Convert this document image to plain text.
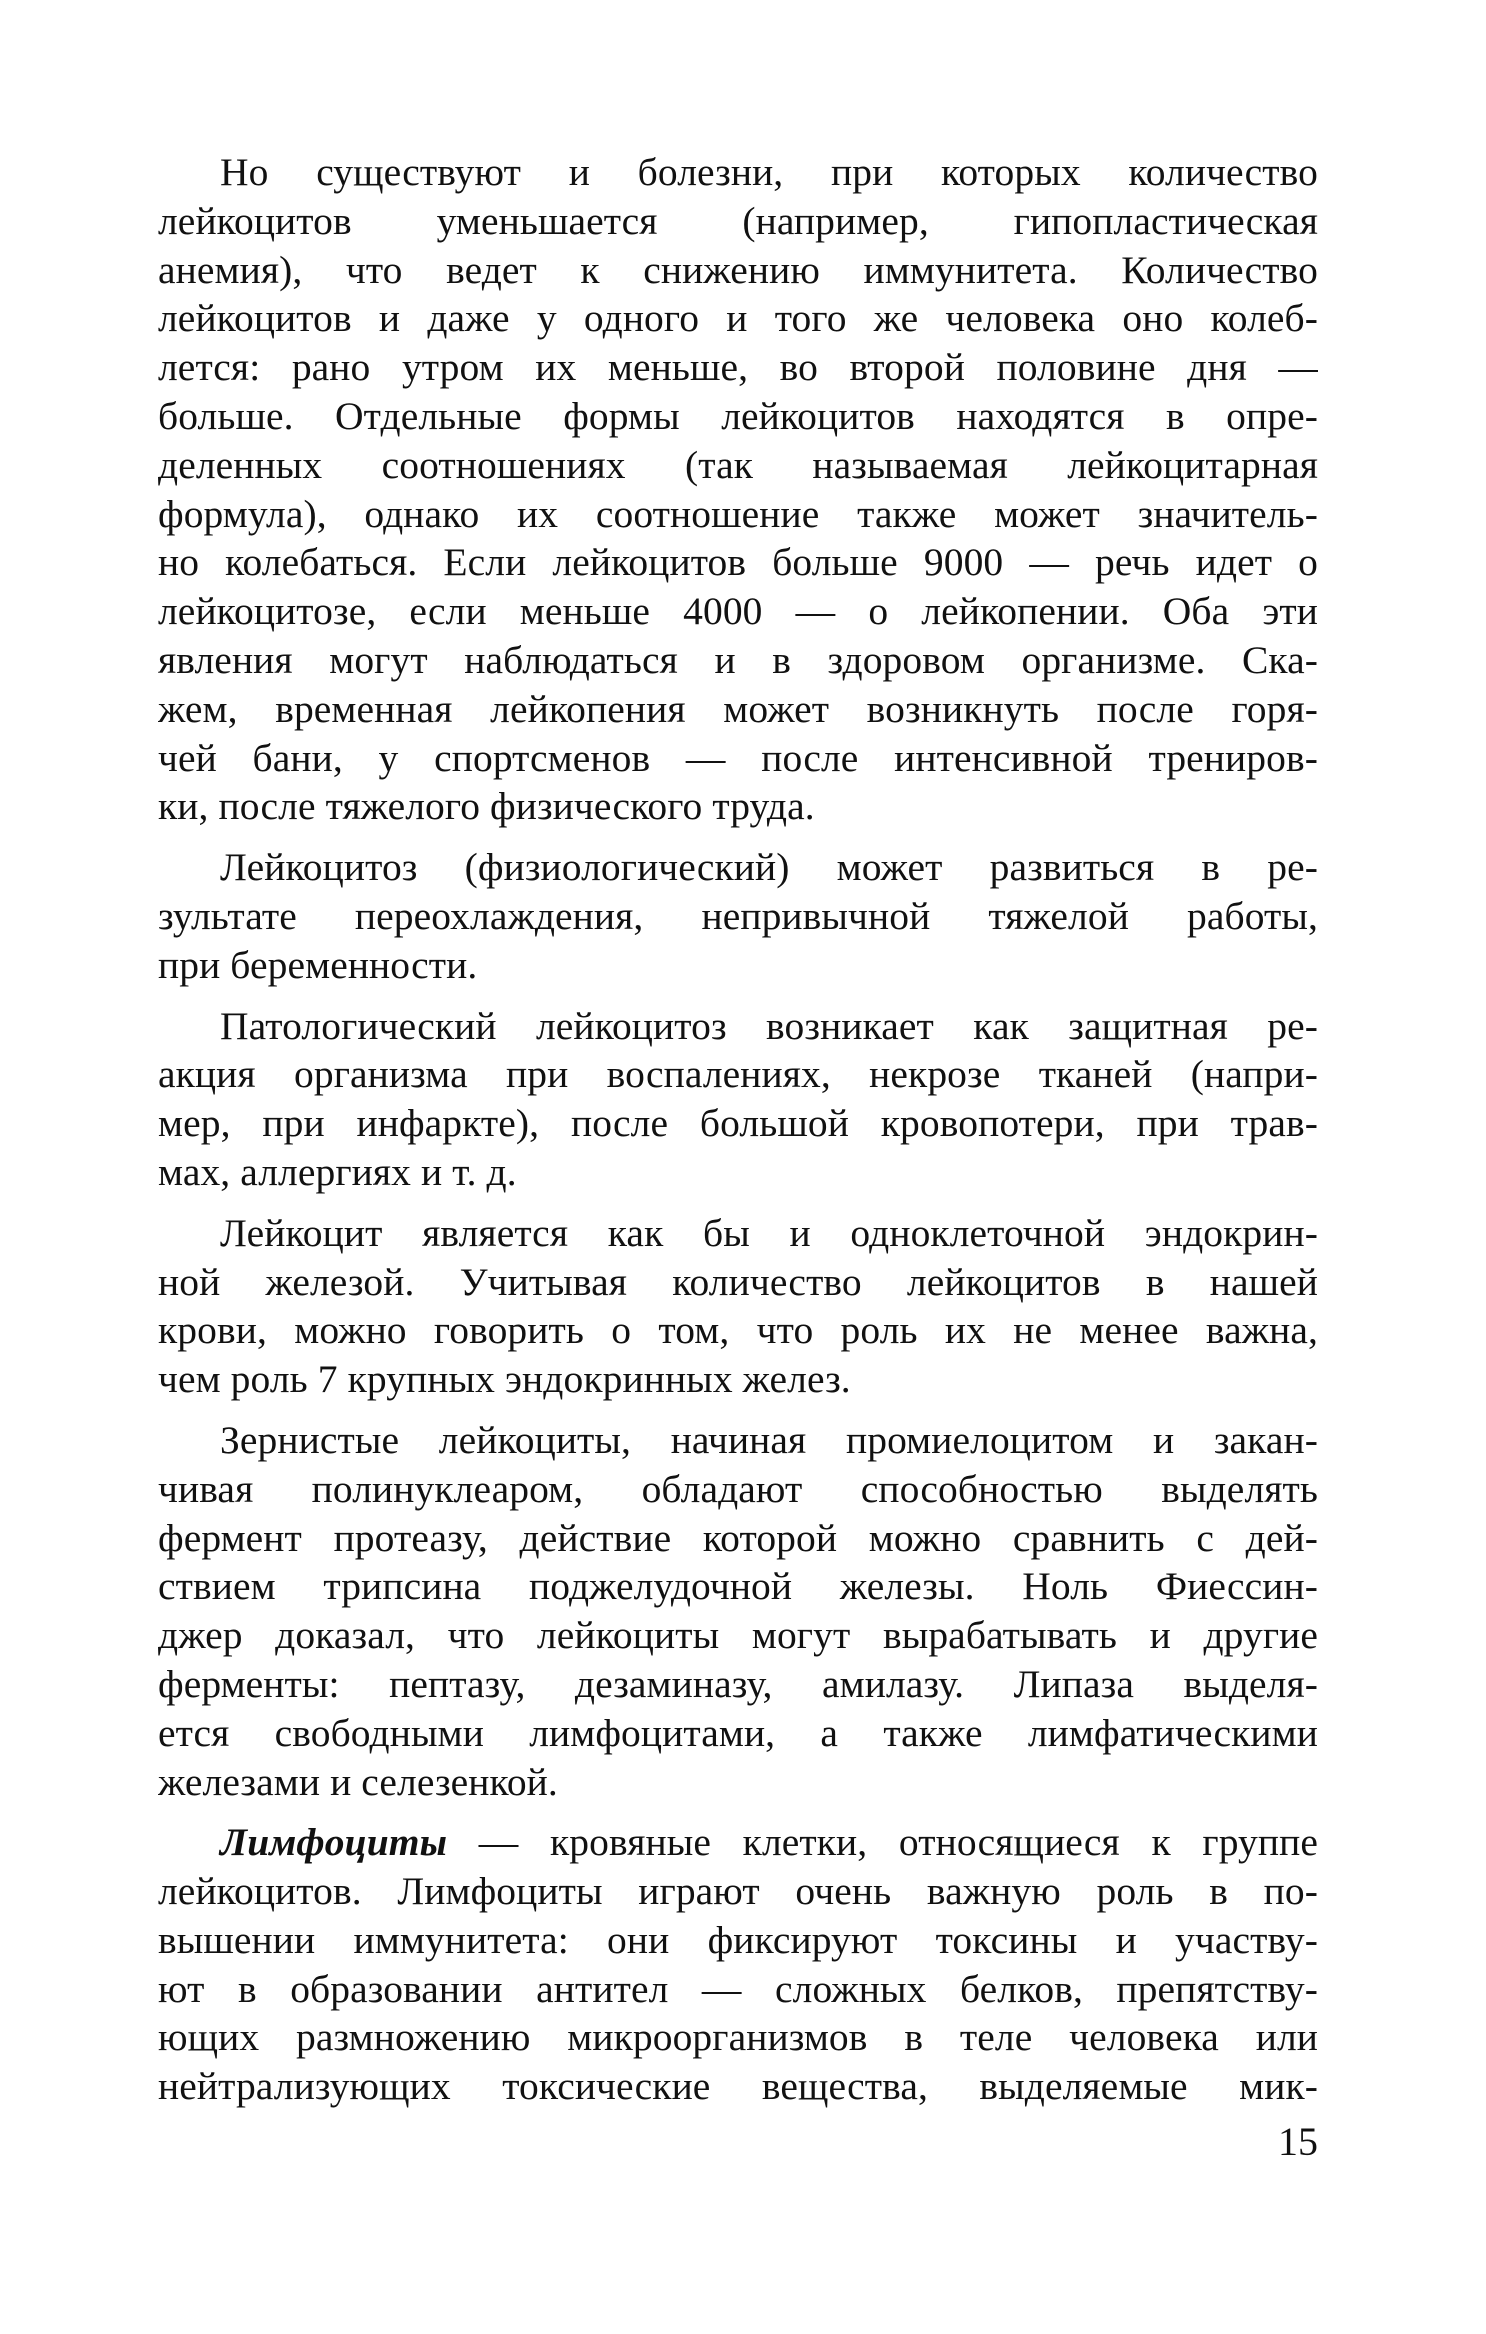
Но существуют и болезни, при которых количество
лейкоцитов уменьшается (например, гипопластическая
анемия), что ведет к снижению иммунитета. Количество
лейкоцитов и даже у одного и того же человека оно колеб-
лется: рано утром их меньше, во второй половине дня —
больше. Отдельные формы лейкоцитов находятся в опре-
деленных соотношениях (так называемая лейкоцитарная
формула), однако их соотношение также может значитель-
но колебаться. Если лейкоцитов больше 9000 — речь идет о
лейкоцитозе, если меньше 4000 — о лейкопении. Оба эти
явления могут наблюдаться и в здоровом организме. Ска-
жем, временная лейкопения может возникнуть после горя-
чей бани, у спортсменов — после интенсивной трениров-
ки, после тяжелого физического труда.

Лейкоцитоз (физиологический) может развиться в ре-
зультате переохлаждения, непривычной тяжелой работы,
при беременности.

Патологический лейкоцитоз возникает как защитная ре-
акция организма при воспалениях, некрозе тканей (напри-
мер, при инфаркте), после большой кровопотери, при трав-
мах, аллергиях и т. д.

Лейкоцит является как бы и одноклеточной эндокрин-
ной железой. Учитывая количество лейкоцитов в нашей
крови, можно говорить о том, что роль их не менее важна,
чем роль 7 крупных эндокринных желез.

Зернистые лейкоциты, начиная промиелоцитом и закан-
чивая полинуклеаром, обладают способностью выделять
фермент протеазу, действие которой можно сравнить с дей-
ствием трипсина поджелудочной железы. Ноль Фиессин-
джер доказал, что лейкоциты могут вырабатывать и другие
ферменты: пептазу, дезаминазу, амилазу. Липаза выделя-
ется свободными лимфоцитами, а также лимфатическими
железами и селезенкой.

Лимфоциты — кровяные клетки, относящиеся к группе
лейкоцитов. Лимфоциты играют очень важную роль в по-
вышении иммунитета: они фиксируют токсины и участву-
ют в образовании антител — сложных белков, препятству-
ющих размножению микроорганизмов в теле человека или
нейтрализующих токсические вещества, выделяемые мик-

15
